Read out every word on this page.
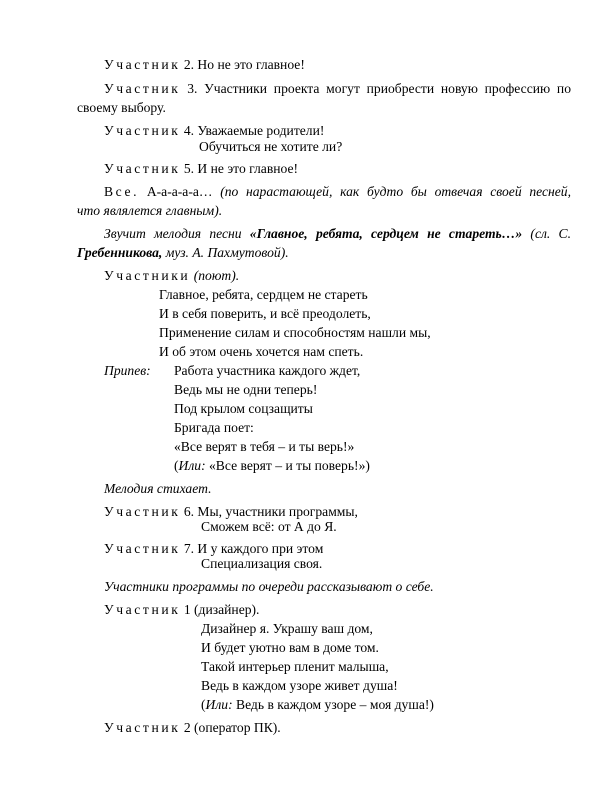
Участник 2. Но не это главное!
Участник 3. Участники проекта могут приобрести новую профессию по
своему выбору.
Участник 4. Уважаемые родители!
Обучиться не хотите ли?
Участник 5. И не это главное!
Все. А-а-а-а-а… (по нарастающей, как будто бы отвечая своей песней,
что являлется главным).
Звучит мелодия песни «Главное, ребята, сердцем не стареть…» (сл. С.
Гребенникова, муз. А. Пахмутовой).
Участники (поют).
Главное, ребята, сердцем не стареть
И в себя поверить, и всё преодолеть,
Применение силам и способностям нашли мы,
И об этом очень хочется нам спеть.
Припев: Работа участника каждого ждет,
Ведь мы не одни теперь!
Под крылом соцзащиты
Бригада поет:
«Все верят в тебя – и ты верь!»
(Или: «Все верят – и ты поверь!»)
Мелодия стихает.
Участник 6. Мы, участники программы,
Сможем всё: от А до Я.
Участник 7. И у каждого при этом
Специализация своя.
Участники программы по очереди рассказывают о себе.
Участник 1 (дизайнер).
Дизайнер я. Украшу ваш дом,
И будет уютно вам в доме том.
Такой интерьер пленит малыша,
Ведь в каждом узоре живет душа!
(Или: Ведь в каждом узоре – моя душа!)
Участник 2 (оператор ПК).
